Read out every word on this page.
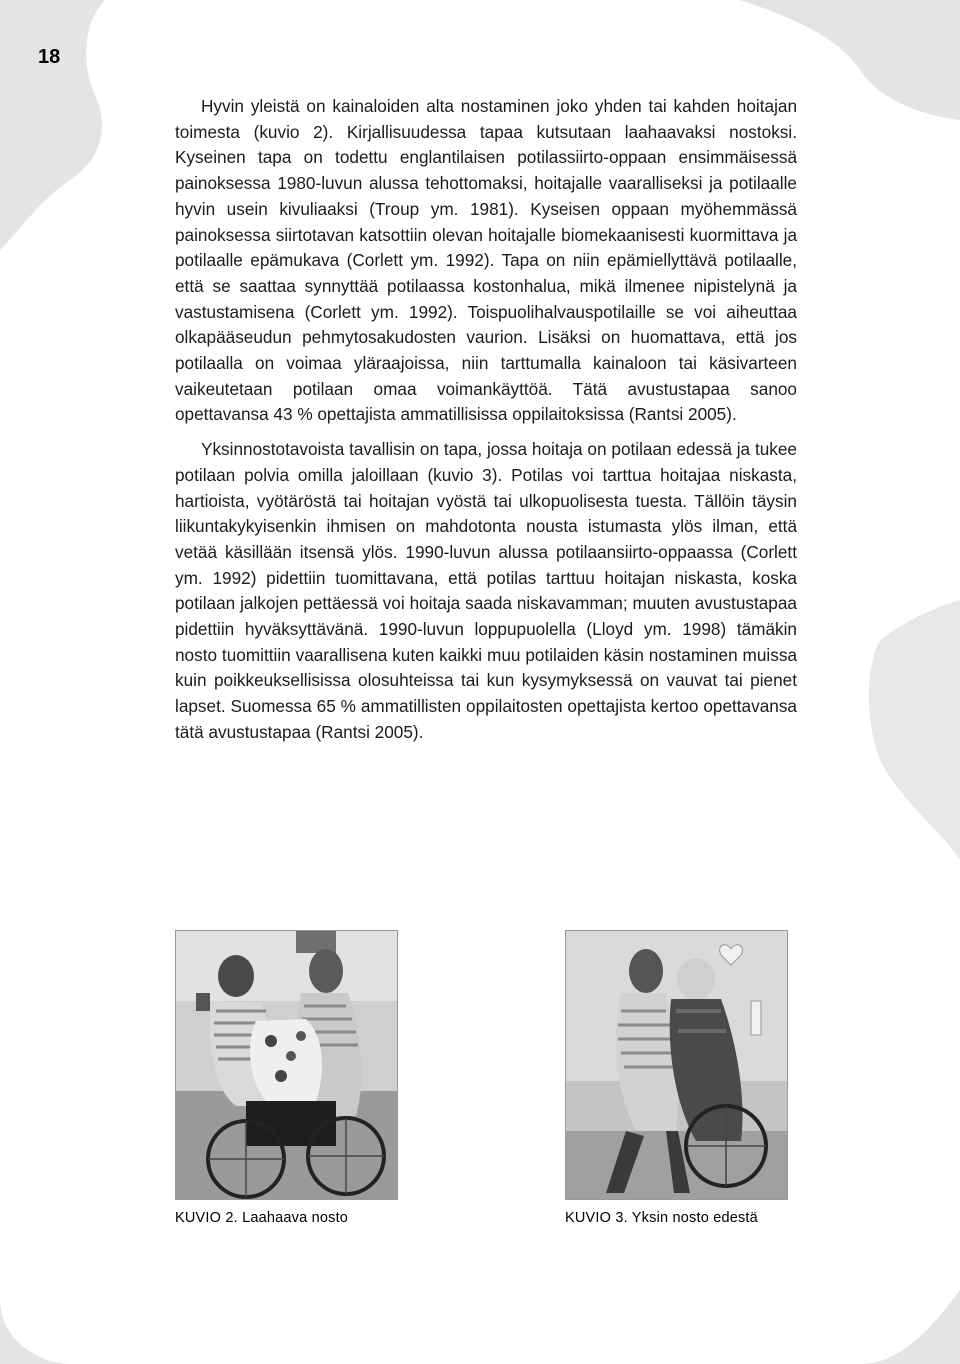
18

Hyvin yleistä on kainaloiden alta nostaminen joko yhden tai kahden hoitajan toimesta (kuvio 2). Kirjallisuudessa tapaa kutsutaan laahaavaksi nostoksi. Kyseinen tapa on todettu englantilaisen potilassiirto-oppaan ensimmäisessä painoksessa 1980-luvun alussa tehottomaksi, hoitajalle vaaralliseksi ja potilaalle hyvin usein kivuliaaksi (Troup ym. 1981). Kyseisen oppaan myöhemmässä painoksessa siirtotavan katsottiin olevan hoitajalle biomekaanisesti kuormittava ja potilaalle epämukava (Corlett ym. 1992). Tapa on niin epämiellyttävä potilaalle, että se saattaa synnyttää potilaassa kostonhalua, mikä ilmenee nipistelynä ja vastustamisena (Corlett ym. 1992). Toispuolihalvauspotilaille se voi aiheuttaa olkapääseudun pehmytosakudosten vaurion. Lisäksi on huomattava, että jos potilaalla on voimaa yläraajoissa, niin tarttumalla kainaloon tai käsivarteen vaikeutetaan potilaan omaa voimankäyttöä. Tätä avustustapaa sanoo opettavansa 43 % opettajista ammatillisissa oppilaitoksissa (Rantsi 2005).

Yksinnostotavoista tavallisin on tapa, jossa hoitaja on potilaan edessä ja tukee potilaan polvia omilla jaloillaan (kuvio 3). Potilas voi tarttua hoitajaa niskasta, hartioista, vyötäröstä tai hoitajan vyöstä tai ulkopuolisesta tuesta. Tällöin täysin liikuntakykyisenkin ihmisen on mahdotonta nousta istumasta ylös ilman, että vetää käsillään itsensä ylös. 1990-luvun alussa potilaansiirto-oppaassa (Corlett ym. 1992) pidettiin tuomittavana, että potilas tarttuu hoitajan niskasta, koska potilaan jalkojen pettäessä voi hoitaja saada niskavamman; muuten avustustapaa pidettiin hyväksyttävänä. 1990-luvun loppupuolella (Lloyd ym. 1998) tämäkin nosto tuomittiin vaarallisena kuten kaikki muu potilaiden käsin nostaminen muissa kuin poikkeuksellisissa olosuhteissa tai kun kysymyksessä on vauvat tai pienet lapset. Suomessa 65 % ammatillisten oppilaitosten opettajista kertoo opettavansa tätä avustustapaa (Rantsi 2005).

KUVIO 2. Laahaava nosto	KUVIO 3. Yksin nosto edestä
